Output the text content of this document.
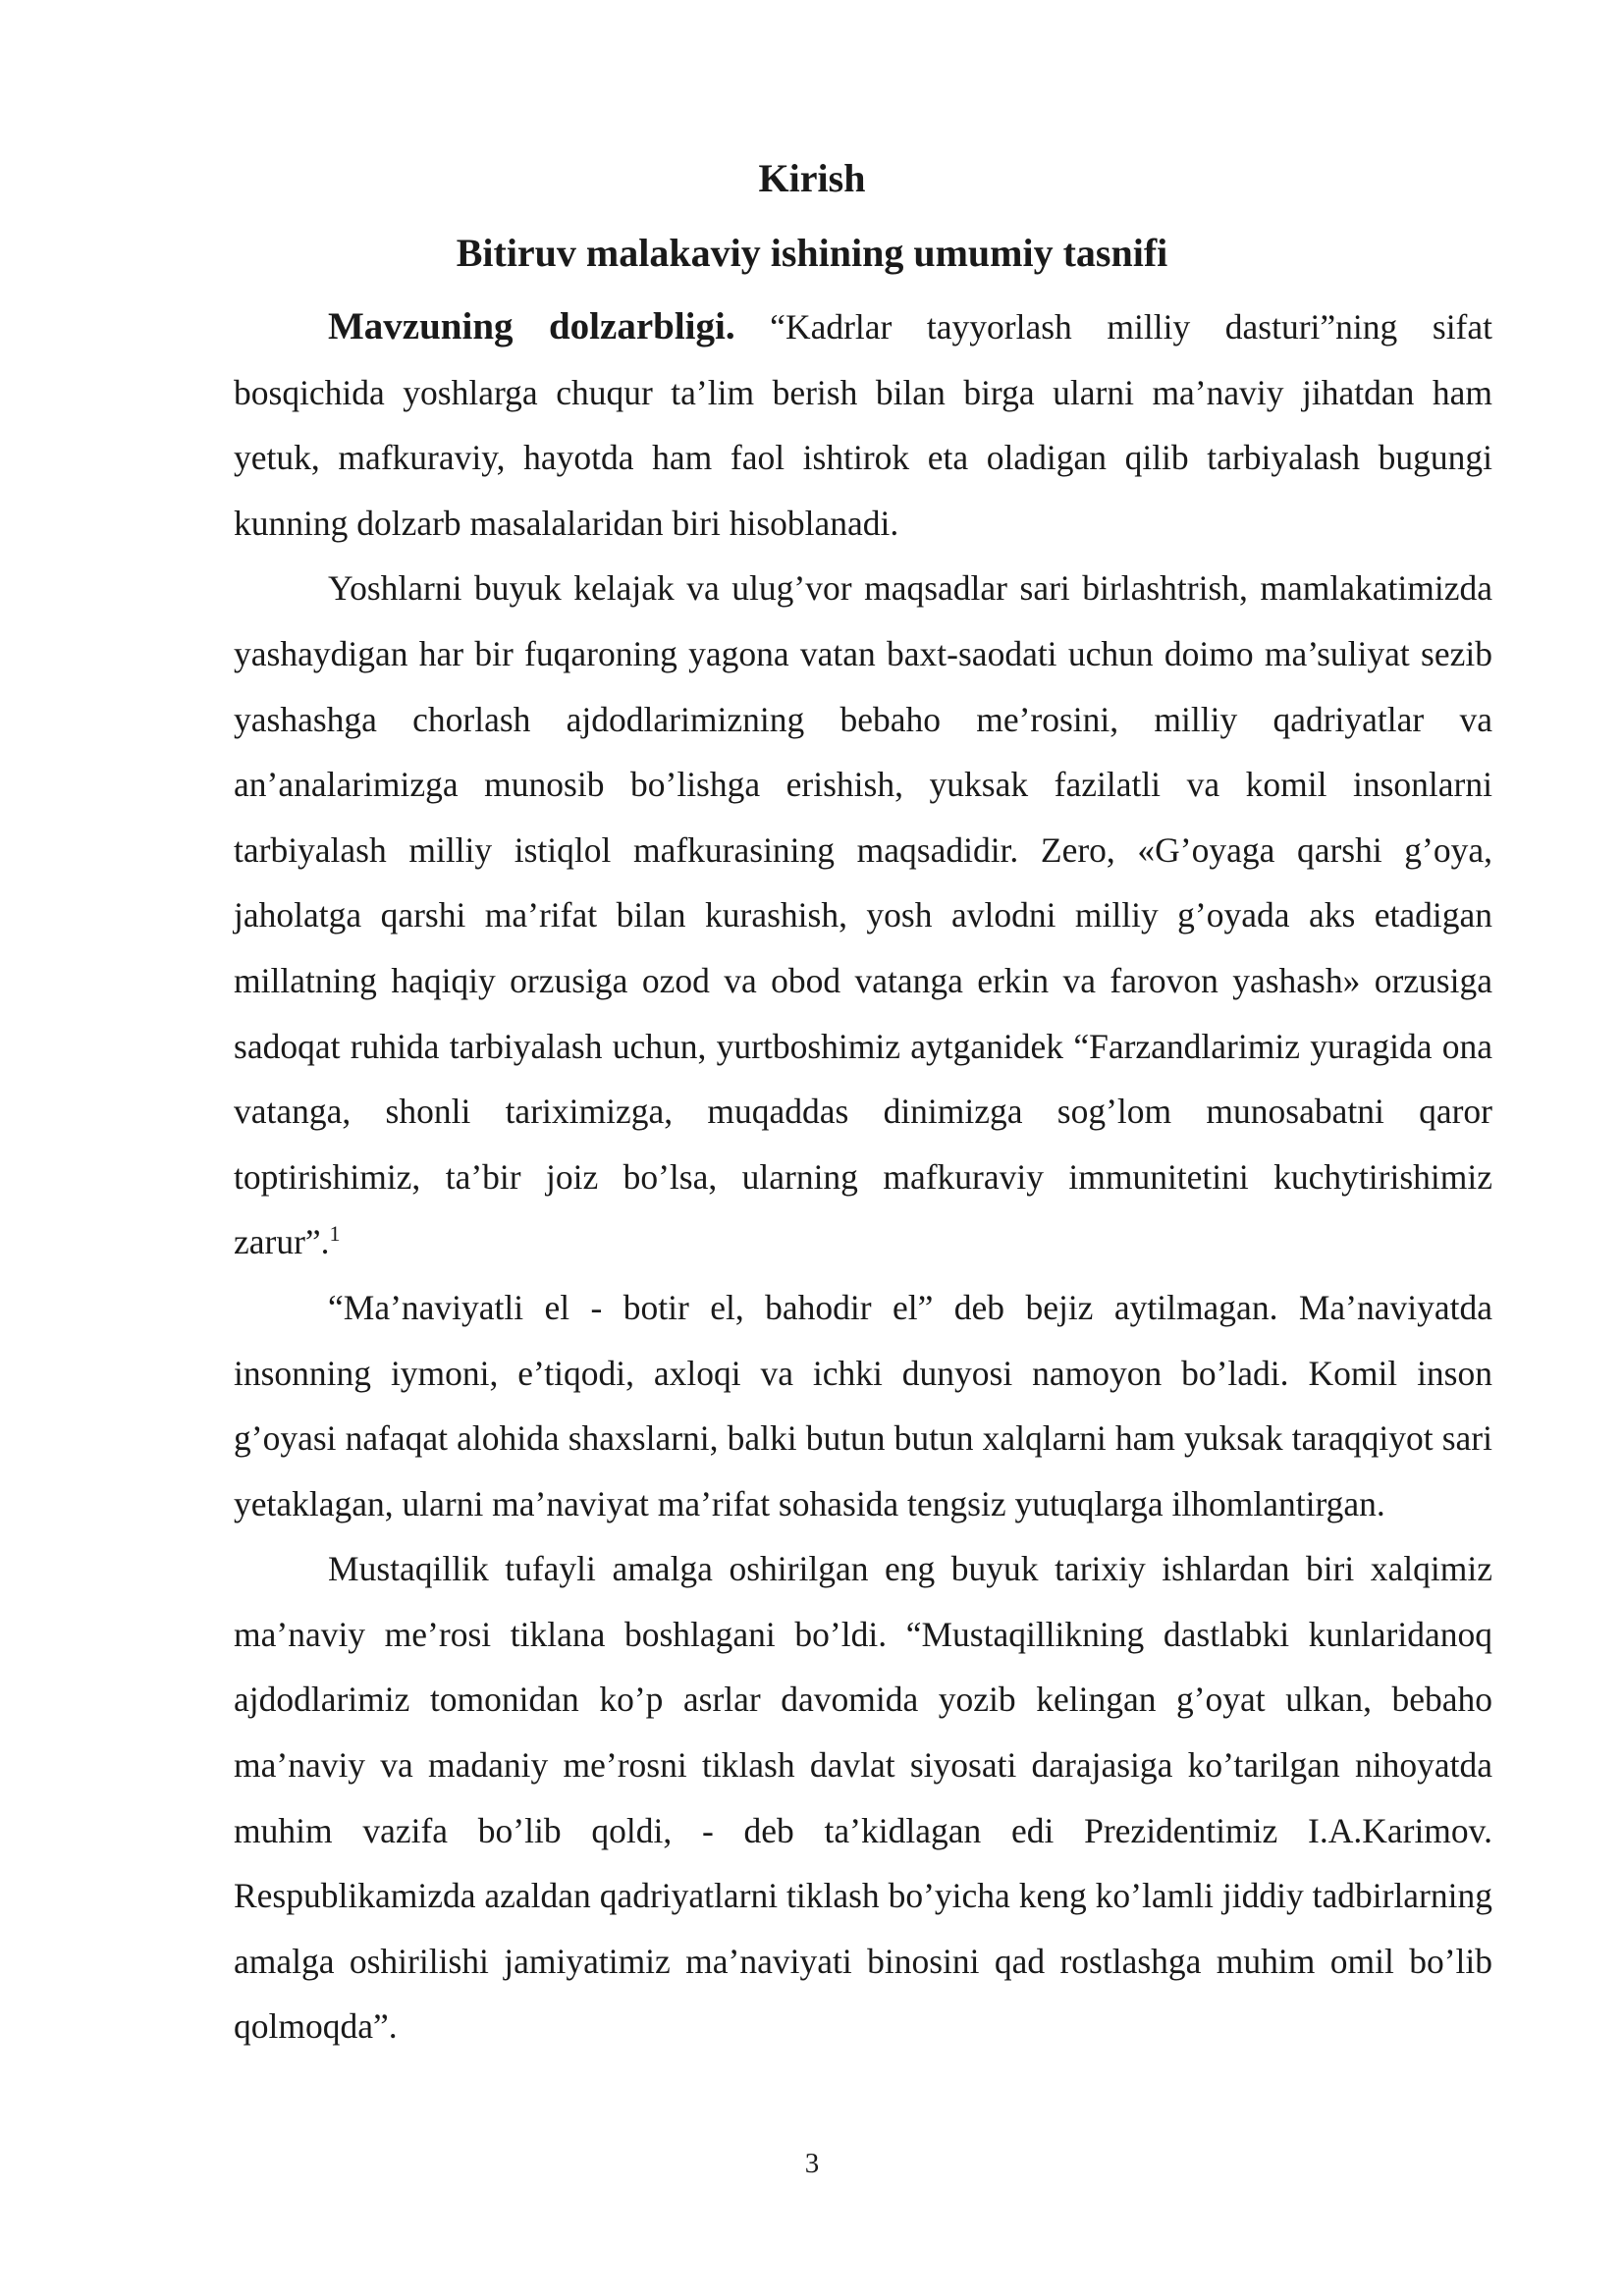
Kirish
Bitiruv malakaviy ishining umumiy tasnifi

Mavzuning dolzarbligi. “Kadrlar tayyorlash milliy dasturi”ning sifat bosqichida yoshlarga chuqur ta’lim berish bilan birga ularni ma’naviy jihatdan ham yetuk, mafkuraviy, hayotda ham faol ishtirok eta oladigan qilib tarbiyalash bugungi kunning dolzarb masalalaridan biri hisoblanadi.

Yoshlarni buyuk kelajak va ulug’vor maqsadlar sari birlashtrish, mamlakatimizda yashaydigan har bir fuqaroning yagona vatan baxt-saodati uchun doimo ma’suliyat sezib yashashga chorlash ajdodlarimizning bebaho me’rosini, milliy qadriyatlar va an’analarimizga munosib bo’lishga erishish, yuksak fazilatli va komil insonlarni tarbiyalash milliy istiqlol mafkurasining maqsadidir. Zero, «G’oyaga qarshi g’oya, jaholatga qarshi ma’rifat bilan kurashish, yosh avlodni milliy g’oyada aks etadigan millatning haqiqiy orzusiga ozod va obod vatanga erkin va farovon yashash» orzusiga sadoqat ruhida tarbiyalash uchun, yurtboshimiz aytganidek “Farzandlarimiz yuragida ona vatanga, shonli tariximizga, muqaddas dinimizga sog’lom munosabatni qaror toptirishimiz, ta’bir joiz bo’lsa, ularning mafkuraviy immunitetini kuchytirishimiz zarur”.$^1$

“Ma’naviyatli el - botir el, bahodir el” deb bejiz aytilmagan. Ma’naviyatda insonning iymoni, e’tiqodi, axloqi va ichki dunyosi namoyon bo’ladi. Komil inson g’oyasi nafaqat alohida shaxslarni, balki butun butun xalqlarni ham yuksak taraqqiyot sari yetaklagan, ularni ma’naviyat ma’rifat sohasida tengsiz yutuqlarga ilhomlantirgan.

Mustaqillik tufayli amalga oshirilgan eng buyuk tarixiy ishlardan biri xalqimiz ma’naviy me’rosi tiklana boshlagani bo’ldi. “Mustaqillikning dastlabki kunlaridanoq ajdodlarimiz tomonidan ko’p asrlar davomida yozib kelingan g’oyat ulkan, bebaho ma’naviy va madaniy me’rosni tiklash davlat siyosati darajasiga ko’tarilgan nihoyatda muhim vazifa bo’lib qoldi, - deb ta’kidlagan edi Prezidentimiz I.A.Karimov. Respublikamizda azaldan qadriyatlarni tiklash bo’yicha keng ko’lamli jiddiy tadbirlarning amalga oshirilishi jamiyatimiz ma’naviyati binosini qad rostlashga muhim omil bo’lib qolmoqda”.

3
